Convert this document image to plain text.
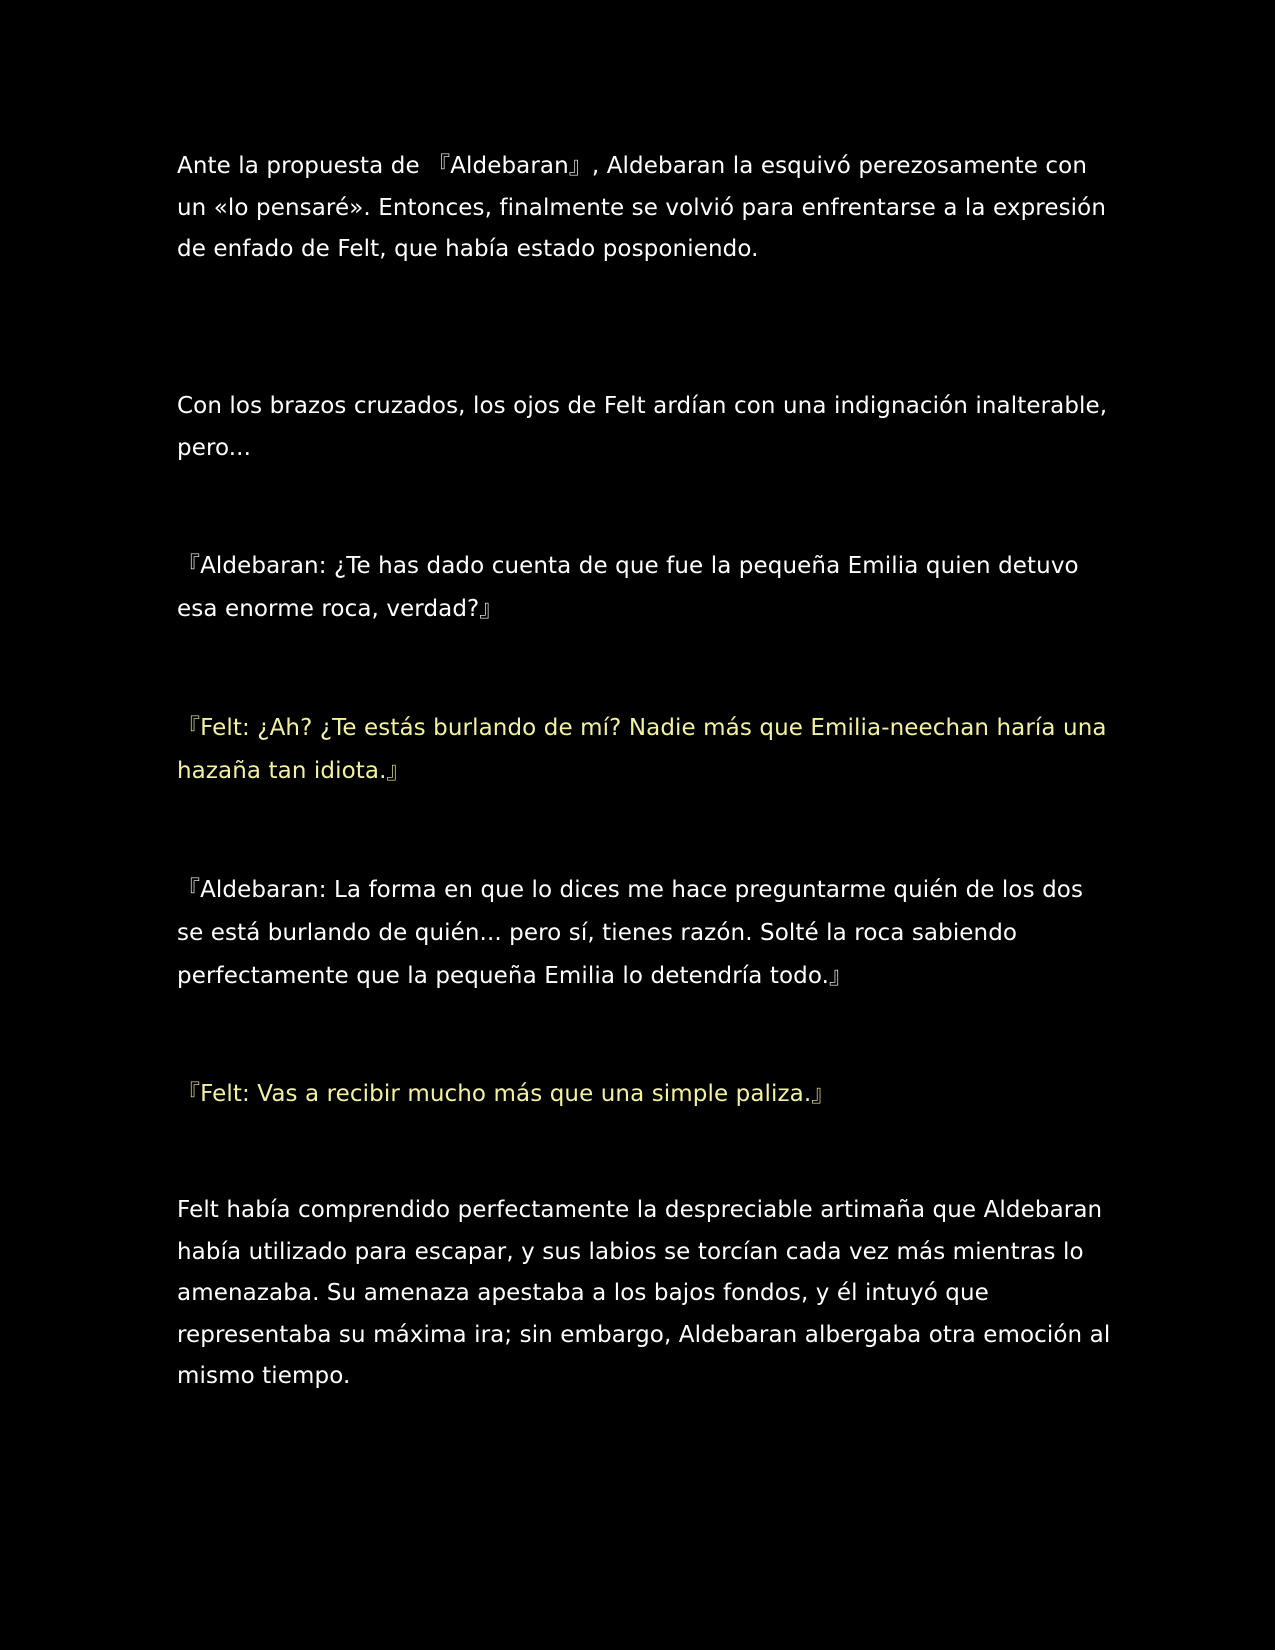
Ante la propuesta de 『Aldebaran』, Aldebaran la esquivó perezosamente con un «lo pensaré». Entonces, finalmente se volvió para enfrentarse a la expresión de enfado de Felt, que había estado posponiendo.

Con los brazos cruzados, los ojos de Felt ardían con una indignación inalterable, pero...

『Aldebaran: ¿Te has dado cuenta de que fue la pequeña Emilia quien detuvo esa enorme roca, verdad?』

『Felt: ¿Ah? ¿Te estás burlando de mí? Nadie más que Emilia-neechan haría una hazaña tan idiota.』

『Aldebaran: La forma en que lo dices me hace preguntarme quién de los dos se está burlando de quién... pero sí, tienes razón. Solté la roca sabiendo perfectamente que la pequeña Emilia lo detendría todo.』

『Felt: Vas a recibir mucho más que una simple paliza.』

Felt había comprendido perfectamente la despreciable artimaña que Aldebaran había utilizado para escapar, y sus labios se torcían cada vez más mientras lo amenazaba. Su amenaza apestaba a los bajos fondos, y él intuyó que representaba su máxima ira; sin embargo, Aldebaran albergaba otra emoción al mismo tiempo.
